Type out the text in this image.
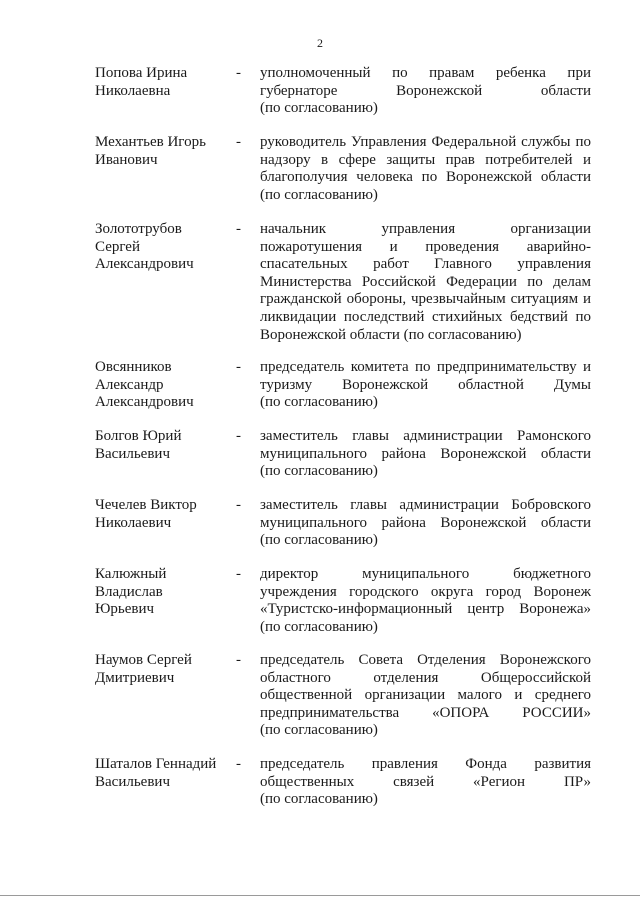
2
Попова Ирина
Николаевна
- уполномоченный по правам ребенка при
губернаторе Воронежской области
(по согласованию)
Механтьев Игорь
Иванович
- руководитель Управления Федеральной службы по
надзору в сфере защиты прав потребителей и
благополучия человека по Воронежской области
(по согласованию)
Золототрубов
Сергей
Александрович
- начальник управления организации
пожаротушения и проведения аварийно-
спасательных работ Главного управления
Министерства Российской Федерации по делам
гражданской обороны, чрезвычайным ситуациям и
ликвидации последствий стихийных бедствий по
Воронежской области (по согласованию)
Овсянников
Александр
Александрович
- председатель комитета по предпринимательству и
туризму Воронежской областной Думы
(по согласованию)
Болгов Юрий
Васильевич
- заместитель главы администрации Рамонского
муниципального района Воронежской области
(по согласованию)
Чечелев Виктор
Николаевич
- заместитель главы администрации Бобровского
муниципального района Воронежской области
(по согласованию)
Калюжный
Владислав
Юрьевич
- директор муниципального бюджетного
учреждения городского округа город Воронеж
«Туристско-информационный центр Воронежа»
(по согласованию)
Наумов Сергей
Дмитриевич
- председатель Совета Отделения Воронежского
областного отделения Общероссийской
общественной организации малого и среднего
предпринимательства «ОПОРА РОССИИ»
(по согласованию)
Шаталов Геннадий
Васильевич
- председатель правления Фонда развития
общественных связей «Регион ПР»
(по согласованию)
